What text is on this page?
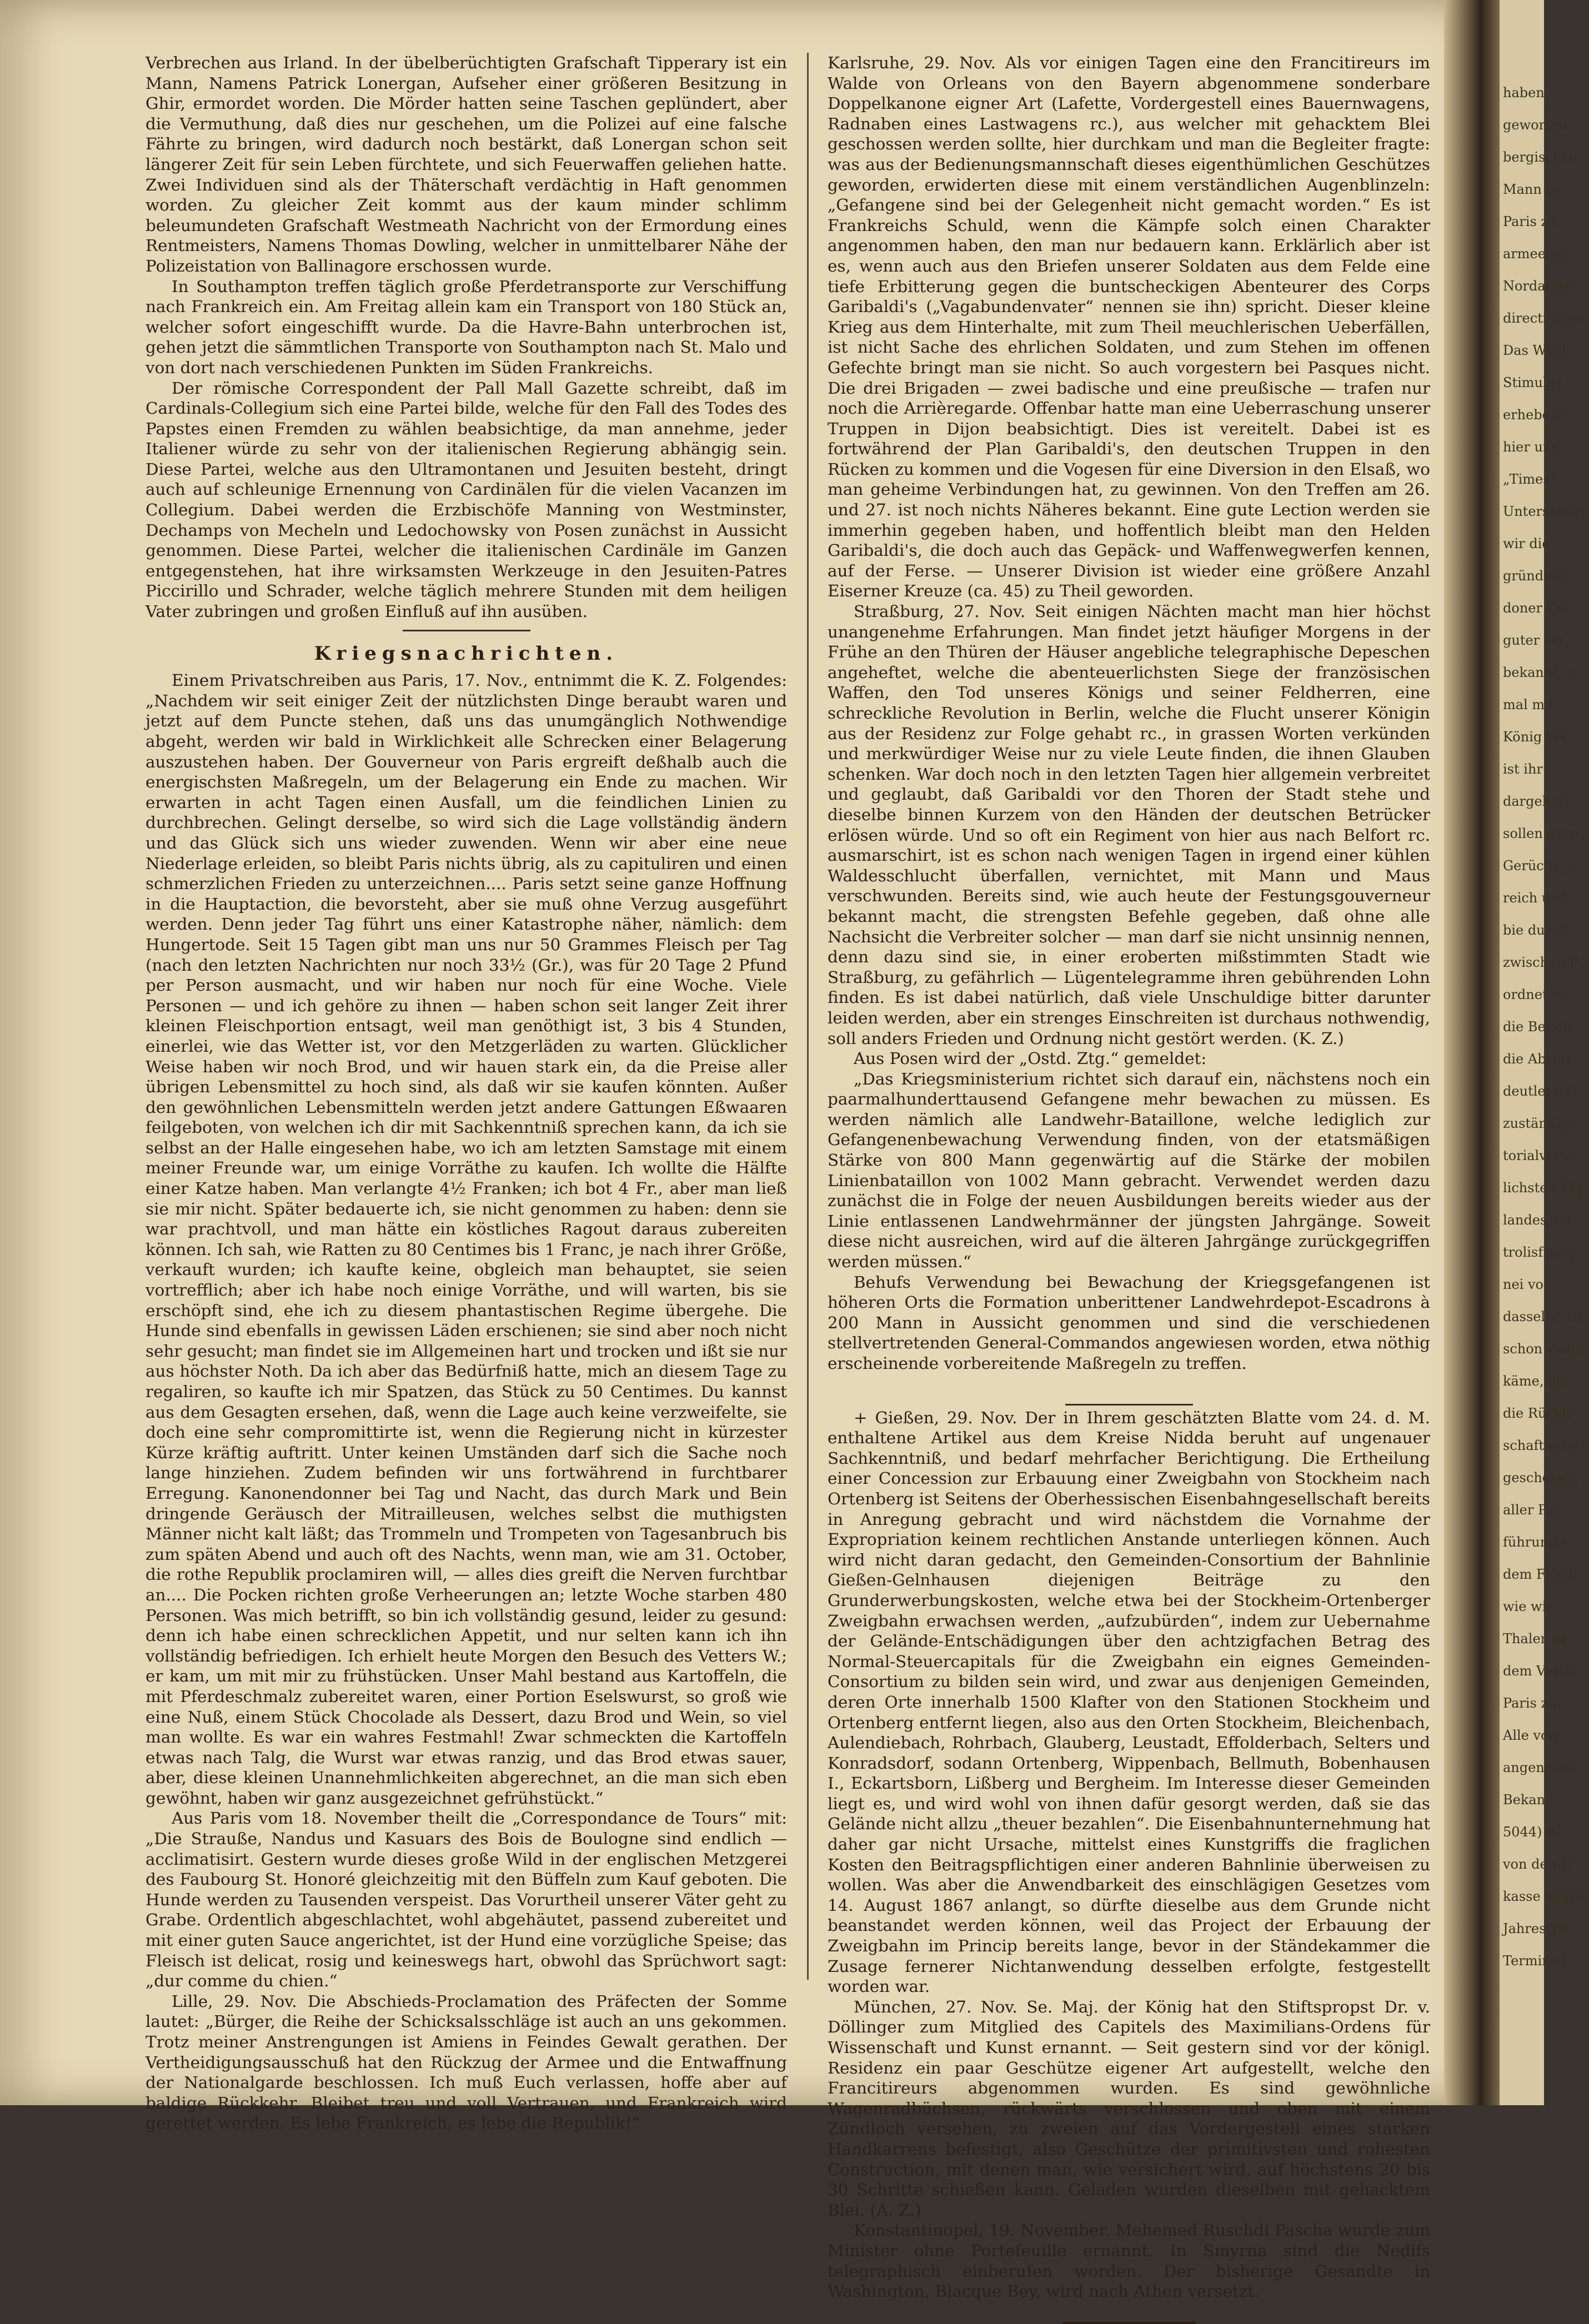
Verbrechen aus Irland. In der übelberüchtigten Grafschaft Tipperary ist ein Mann, Namens Patrick Lonergan, Aufseher einer größeren Besitzung in Ghir, ermordet worden. Die Mörder hatten seine Taschen geplündert, aber die Vermuthung, daß dies nur geschehen, um die Polizei auf eine falsche Fährte zu bringen, wird dadurch noch bestärkt, daß Lonergan schon seit längerer Zeit für sein Leben fürchtete, und sich Feuerwaffen geliehen hatte. Zwei Individuen sind als der Thäterschaft verdächtig in Haft genommen worden. Zu gleicher Zeit kommt aus der kaum minder schlimm beleumundeten Grafschaft Westmeath Nachricht von der Ermordung eines Rentmeisters, Namens Thomas Dowling, welcher in unmittelbarer Nähe der Polizeistation von Ballinagore erschossen wurde.

In Southampton treffen täglich große Pferdetransporte zur Verschiffung nach Frankreich ein. Am Freitag allein kam ein Transport von 180 Stück an, welcher sofort eingeschifft wurde. Da die Havre-Bahn unterbrochen ist, gehen jetzt die sämmtlichen Transporte von Southampton nach St. Malo und von dort nach verschiedenen Punkten im Süden Frankreichs.

Der römische Correspondent der Pall Mall Gazette schreibt, daß im Cardinals-Collegium sich eine Partei bilde, welche für den Fall des Todes des Papstes einen Fremden zu wählen beabsichtige, da man annehme, jeder Italiener würde zu sehr von der italienischen Regierung abhängig sein. Diese Partei, welche aus den Ultramontanen und Jesuiten besteht, dringt auch auf schleunige Ernennung von Cardinälen für die vielen Vacanzen im Collegium. Dabei werden die Erzbischöfe Manning von Westminster, Dechamps von Mecheln und Ledochowsky von Posen zunächst in Aussicht genommen. Diese Partei, welcher die italienischen Cardinäle im Ganzen entgegenstehen, hat ihre wirksamsten Werkzeuge in den Jesuiten-Patres Piccirillo und Schrader, welche täglich mehrere Stunden mit dem heiligen Vater zubringen und großen Einfluß auf ihn ausüben.

Kriegsnachrichten.

Einem Privatschreiben aus Paris, 17. Nov., entnimmt die K. Z. Folgendes: „Nachdem wir seit einiger Zeit der nützlichsten Dinge beraubt waren und jetzt auf dem Puncte stehen, daß uns das unumgänglich Nothwendige abgeht, werden wir bald in Wirklichkeit alle Schrecken einer Belagerung auszustehen haben. Der Gouverneur von Paris ergreift deßhalb auch die energischsten Maßregeln, um der Belagerung ein Ende zu machen. Wir erwarten in acht Tagen einen Ausfall, um die feindlichen Linien zu durchbrechen. Gelingt derselbe, so wird sich die Lage vollständig ändern und das Glück sich uns wieder zuwenden. Wenn wir aber eine neue Niederlage erleiden, so bleibt Paris nichts übrig, als zu capituliren und einen schmerzlichen Frieden zu unterzeichnen.... Paris setzt seine ganze Hoffnung in die Hauptaction, die bevorsteht, aber sie muß ohne Verzug ausgeführt werden. Denn jeder Tag führt uns einer Katastrophe näher, nämlich: dem Hungertode. Seit 15 Tagen gibt man uns nur 50 Grammes Fleisch per Tag (nach den letzten Nachrichten nur noch 33½ (Gr.), was für 20 Tage 2 Pfund per Person ausmacht, und wir haben nur noch für eine Woche. Viele Personen — und ich gehöre zu ihnen — haben schon seit langer Zeit ihrer kleinen Fleischportion entsagt, weil man genöthigt ist, 3 bis 4 Stunden, einerlei, wie das Wetter ist, vor den Metzgerläden zu warten. Glücklicher Weise haben wir noch Brod, und wir hauen stark ein, da die Preise aller übrigen Lebensmittel zu hoch sind, als daß wir sie kaufen könnten. Außer den gewöhnlichen Lebensmitteln werden jetzt andere Gattungen Eßwaaren feilgeboten, von welchen ich dir mit Sachkenntniß sprechen kann, da ich sie selbst an der Halle eingesehen habe, wo ich am letzten Samstage mit einem meiner Freunde war, um einige Vorräthe zu kaufen. Ich wollte die Hälfte einer Katze haben. Man verlangte 4½ Franken; ich bot 4 Fr., aber man ließ sie mir nicht. Später bedauerte ich, sie nicht genommen zu haben: denn sie war prachtvoll, und man hätte ein köstliches Ragout daraus zubereiten können. Ich sah, wie Ratten zu 80 Centimes bis 1 Franc, je nach ihrer Größe, verkauft wurden; ich kaufte keine, obgleich man behauptet, sie seien vortrefflich; aber ich habe noch einige Vorräthe, und will warten, bis sie erschöpft sind, ehe ich zu diesem phantastischen Regime übergehe. Die Hunde sind ebenfalls in gewissen Läden erschienen; sie sind aber noch nicht sehr gesucht; man findet sie im Allgemeinen hart und trocken und ißt sie nur aus höchster Noth. Da ich aber das Bedürfniß hatte, mich an diesem Tage zu regaliren, so kaufte ich mir Spatzen, das Stück zu 50 Centimes. Du kannst aus dem Gesagten ersehen, daß, wenn die Lage auch keine verzweifelte, sie doch eine sehr compromittirte ist, wenn die Regierung nicht in kürzester Kürze kräftig auftritt. Unter keinen Umständen darf sich die Sache noch lange hinziehen. Zudem befinden wir uns fortwährend in furchtbarer Erregung. Kanonendonner bei Tag und Nacht, das durch Mark und Bein dringende Geräusch der Mitrailleusen, welches selbst die muthigsten Männer nicht kalt läßt; das Trommeln und Trompeten von Tagesanbruch bis zum späten Abend und auch oft des Nachts, wenn man, wie am 31. October, die rothe Republik proclamiren will, — alles dies greift die Nerven furchtbar an.... Die Pocken richten große Verheerungen an; letzte Woche starben 480 Personen. Was mich betrifft, so bin ich vollständig gesund, leider zu gesund: denn ich habe einen schrecklichen Appetit, und nur selten kann ich ihn vollständig befriedigen. Ich erhielt heute Morgen den Besuch des Vetters W.; er kam, um mit mir zu frühstücken. Unser Mahl bestand aus Kartoffeln, die mit Pferdeschmalz zubereitet waren, einer Portion Eselswurst, so groß wie eine Nuß, einem Stück Chocolade als Dessert, dazu Brod und Wein, so viel man wollte. Es war ein wahres Festmahl! Zwar schmeckten die Kartoffeln etwas nach Talg, die Wurst war etwas ranzig, und das Brod etwas sauer, aber, diese kleinen Unannehmlichkeiten abgerechnet, an die man sich eben gewöhnt, haben wir ganz ausgezeichnet gefrühstückt.“

Aus Paris vom 18. November theilt die „Correspondance de Tours“ mit: „Die Strauße, Nandus und Kasuars des Bois de Boulogne sind endlich — acclimatisirt. Gestern wurde dieses große Wild in der englischen Metzgerei des Faubourg St. Honoré gleichzeitig mit den Büffeln zum Kauf geboten. Die Hunde werden zu Tausenden verspeist. Das Vorurtheil unserer Väter geht zu Grabe. Ordentlich abgeschlachtet, wohl abgehäutet, passend zubereitet und mit einer guten Sauce angerichtet, ist der Hund eine vorzügliche Speise; das Fleisch ist delicat, rosig und keineswegs hart, obwohl das Sprüchwort sagt: „dur comme du chien.“

Lille, 29. Nov. Die Abschieds-Proclamation des Präfecten der Somme lautet: „Bürger, die Reihe der Schicksalsschläge ist auch an uns gekommen. Trotz meiner Anstrengungen ist Amiens in Feindes Gewalt gerathen. Der Vertheidigungsausschuß hat den Rückzug der Armee und die Entwaffnung der Nationalgarde beschlossen. Ich muß Euch verlassen, hoffe aber auf baldige Rückkehr. Bleibet treu und voll Vertrauen, und Frankreich wird gerettet werden. Es lebe Frankreich, es lebe die Republik!“

Karlsruhe, 29. Nov. Als vor einigen Tagen eine den Francitireurs im Walde von Orleans von den Bayern abgenommene sonderbare Doppelkanone eigner Art (Lafette, Vordergestell eines Bauernwagens, Radnaben eines Lastwagens rc.), aus welcher mit gehacktem Blei geschossen werden sollte, hier durchkam und man die Begleiter fragte: was aus der Bedienungsmannschaft dieses eigenthümlichen Geschützes geworden, erwiderten diese mit einem verständlichen Augenblinzeln: „Gefangene sind bei der Gelegenheit nicht gemacht worden.“ Es ist Frankreichs Schuld, wenn die Kämpfe solch einen Charakter angenommen haben, den man nur bedauern kann. Erklärlich aber ist es, wenn auch aus den Briefen unserer Soldaten aus dem Felde eine tiefe Erbitterung gegen die buntscheckigen Abenteurer des Corps Garibaldi's („Vagabundenvater“ nennen sie ihn) spricht. Dieser kleine Krieg aus dem Hinterhalte, mit zum Theil meuchlerischen Ueberfällen, ist nicht Sache des ehrlichen Soldaten, und zum Stehen im offenen Gefechte bringt man sie nicht. So auch vorgestern bei Pasques nicht. Die drei Brigaden — zwei badische und eine preußische — trafen nur noch die Arrièregarde. Offenbar hatte man eine Ueberraschung unserer Truppen in Dijon beabsichtigt. Dies ist vereitelt. Dabei ist es fortwährend der Plan Garibaldi's, den deutschen Truppen in den Rücken zu kommen und die Vogesen für eine Diversion in den Elsaß, wo man geheime Verbindungen hat, zu gewinnen. Von den Treffen am 26. und 27. ist noch nichts Näheres bekannt. Eine gute Lection werden sie immerhin gegeben haben, und hoffentlich bleibt man den Helden Garibaldi's, die doch auch das Gepäck- und Waffenwegwerfen kennen, auf der Ferse. — Unserer Division ist wieder eine größere Anzahl Eiserner Kreuze (ca. 45) zu Theil geworden.

Straßburg, 27. Nov. Seit einigen Nächten macht man hier höchst unangenehme Erfahrungen. Man findet jetzt häufiger Morgens in der Frühe an den Thüren der Häuser angebliche telegraphische Depeschen angeheftet, welche die abenteuerlichsten Siege der französischen Waffen, den Tod unseres Königs und seiner Feldherren, eine schreckliche Revolution in Berlin, welche die Flucht unserer Königin aus der Residenz zur Folge gehabt rc., in grassen Worten verkünden und merkwürdiger Weise nur zu viele Leute finden, die ihnen Glauben schenken. War doch noch in den letzten Tagen hier allgemein verbreitet und geglaubt, daß Garibaldi vor den Thoren der Stadt stehe und dieselbe binnen Kurzem von den Händen der deutschen Betrücker erlösen würde. Und so oft ein Regiment von hier aus nach Belfort rc. ausmarschirt, ist es schon nach wenigen Tagen in irgend einer kühlen Waldesschlucht überfallen, vernichtet, mit Mann und Maus verschwunden. Bereits sind, wie auch heute der Festungsgouverneur bekannt macht, die strengsten Befehle gegeben, daß ohne alle Nachsicht die Verbreiter solcher — man darf sie nicht unsinnig nennen, denn dazu sind sie, in einer eroberten mißstimmten Stadt wie Straßburg, zu gefährlich — Lügentelegramme ihren gebührenden Lohn finden. Es ist dabei natürlich, daß viele Unschuldige bitter darunter leiden werden, aber ein strenges Einschreiten ist durchaus nothwendig, soll anders Frieden und Ordnung nicht gestört werden. (K. Z.)

Aus Posen wird der „Ostd. Ztg.“ gemeldet:

„Das Kriegsministerium richtet sich darauf ein, nächstens noch ein paarmalhunderttausend Gefangene mehr bewachen zu müssen. Es werden nämlich alle Landwehr-Bataillone, welche lediglich zur Gefangenenbewachung Verwendung finden, von der etatsmäßigen Stärke von 800 Mann gegenwärtig auf die Stärke der mobilen Linienbataillon von 1002 Mann gebracht. Verwendet werden dazu zunächst die in Folge der neuen Ausbildungen bereits wieder aus der Linie entlassenen Landwehrmänner der jüngsten Jahrgänge. Soweit diese nicht ausreichen, wird auf die älteren Jahrgänge zurückgegriffen werden müssen.“

Behufs Verwendung bei Bewachung der Kriegsgefangenen ist höheren Orts die Formation unberittener Landwehrdepot-Escadrons à 200 Mann in Aussicht genommen und sind die verschiedenen stellvertretenden General-Commandos angewiesen worden, etwa nöthig erscheinende vorbereitende Maßregeln zu treffen.

+ Gießen, 29. Nov. Der in Ihrem geschätzten Blatte vom 24. d. M. enthaltene Artikel aus dem Kreise Nidda beruht auf ungenauer Sachkenntniß, und bedarf mehrfacher Berichtigung. Die Ertheilung einer Concession zur Erbauung einer Zweigbahn von Stockheim nach Ortenberg ist Seitens der Oberhessischen Eisenbahngesellschaft bereits in Anregung gebracht und wird nächstdem die Vornahme der Expropriation keinem rechtlichen Anstande unterliegen können. Auch wird nicht daran gedacht, den Gemeinden-Consortium der Bahnlinie Gießen-Gelnhausen diejenigen Beiträge zu den Grunderwerbungskosten, welche etwa bei der Stockheim-Ortenberger Zweigbahn erwachsen werden, „aufzubürden“, indem zur Uebernahme der Gelände-Entschädigungen über den achtzigfachen Betrag des Normal-Steuercapitals für die Zweigbahn ein eignes Gemeinden-Consortium zu bilden sein wird, und zwar aus denjenigen Gemeinden, deren Orte innerhalb 1500 Klafter von den Stationen Stockheim und Ortenberg entfernt liegen, also aus den Orten Stockheim, Bleichenbach, Aulendiebach, Rohrbach, Glauberg, Leustadt, Effolderbach, Selters und Konradsdorf, sodann Ortenberg, Wippenbach, Bellmuth, Bobenhausen I., Eckartsborn, Lißberg und Bergheim. Im Interesse dieser Gemeinden liegt es, und wird wohl von ihnen dafür gesorgt werden, daß sie das Gelände nicht allzu „theuer bezahlen“. Die Eisenbahnunternehmung hat daher gar nicht Ursache, mittelst eines Kunstgriffs die fraglichen Kosten den Beitragspflichtigen einer anderen Bahnlinie überweisen zu wollen. Was aber die Anwendbarkeit des einschlägigen Gesetzes vom 14. August 1867 anlangt, so dürfte dieselbe aus dem Grunde nicht beanstandet werden können, weil das Project der Erbauung der Zweigbahn im Princip bereits lange, bevor in der Ständekammer die Zusage fernerer Nichtanwendung desselben erfolgte, festgestellt worden war.

München, 27. Nov. Se. Maj. der König hat den Stiftspropst Dr. v. Döllinger zum Mitglied des Capitels des Maximilians-Ordens für Wissenschaft und Kunst ernannt. — Seit gestern sind vor der königl. Residenz ein paar Geschütze eigener Art aufgestellt, welche den Francitireurs abgenommen wurden. Es sind gewöhnliche Wagenradbüchsen, rückwärts verschlossen und oben mit einem Zündloch versehen, zu zweien auf das Vordergestell eines starken Handkarrens befestigt, also Geschütze der primitivsten und rohesten Construction, mit denen man, wie versichert wird, auf höchstens 20 bis 30 Schritte schießen kann. Geladen wurden dieselben mit gehacktem Blei. (A. Z.)

Konstantinopel, 19. November. Mehemed Ruschdi Pascha wurde zum Minister ohne Portefeuille ernannt. In Smyrna sind die Nedifs telegraphisch einberufen worden. Der bisherige Gesandte in Washington, Blacque Bey, wird nach Athen versetzt.

haben
geworfen
bergischen
Mann to
Paris zu
armee an
Nordarme
directionen
Das Wohl
Stimulirt
erheben!“
hier und
„Times“
Unterschrift
wir die
gründung
doner Cor
guter Du
bekannt, a
mal mit
König vor
ist ihr
dargelegt.
sollen gesp
Gerücht g
reich und
bie durch
zwischen P
ordnet vo
die Berich
die Abtret
deutlet hal
zuständige
torialverän
lichsten Eig
landes, da
trolisfrung
nei von
dasselbe zu
schon vielle
käme, die
die Rückfi
schaft erne
geschehen,
aller Par
führung v
dem Fried
wie wir
Thaler zu
dem Verbr
Paris zu
Alle von
angenomm
Bekand
5044) B
von den U
kasse angew
Jahres 18
Termine f
